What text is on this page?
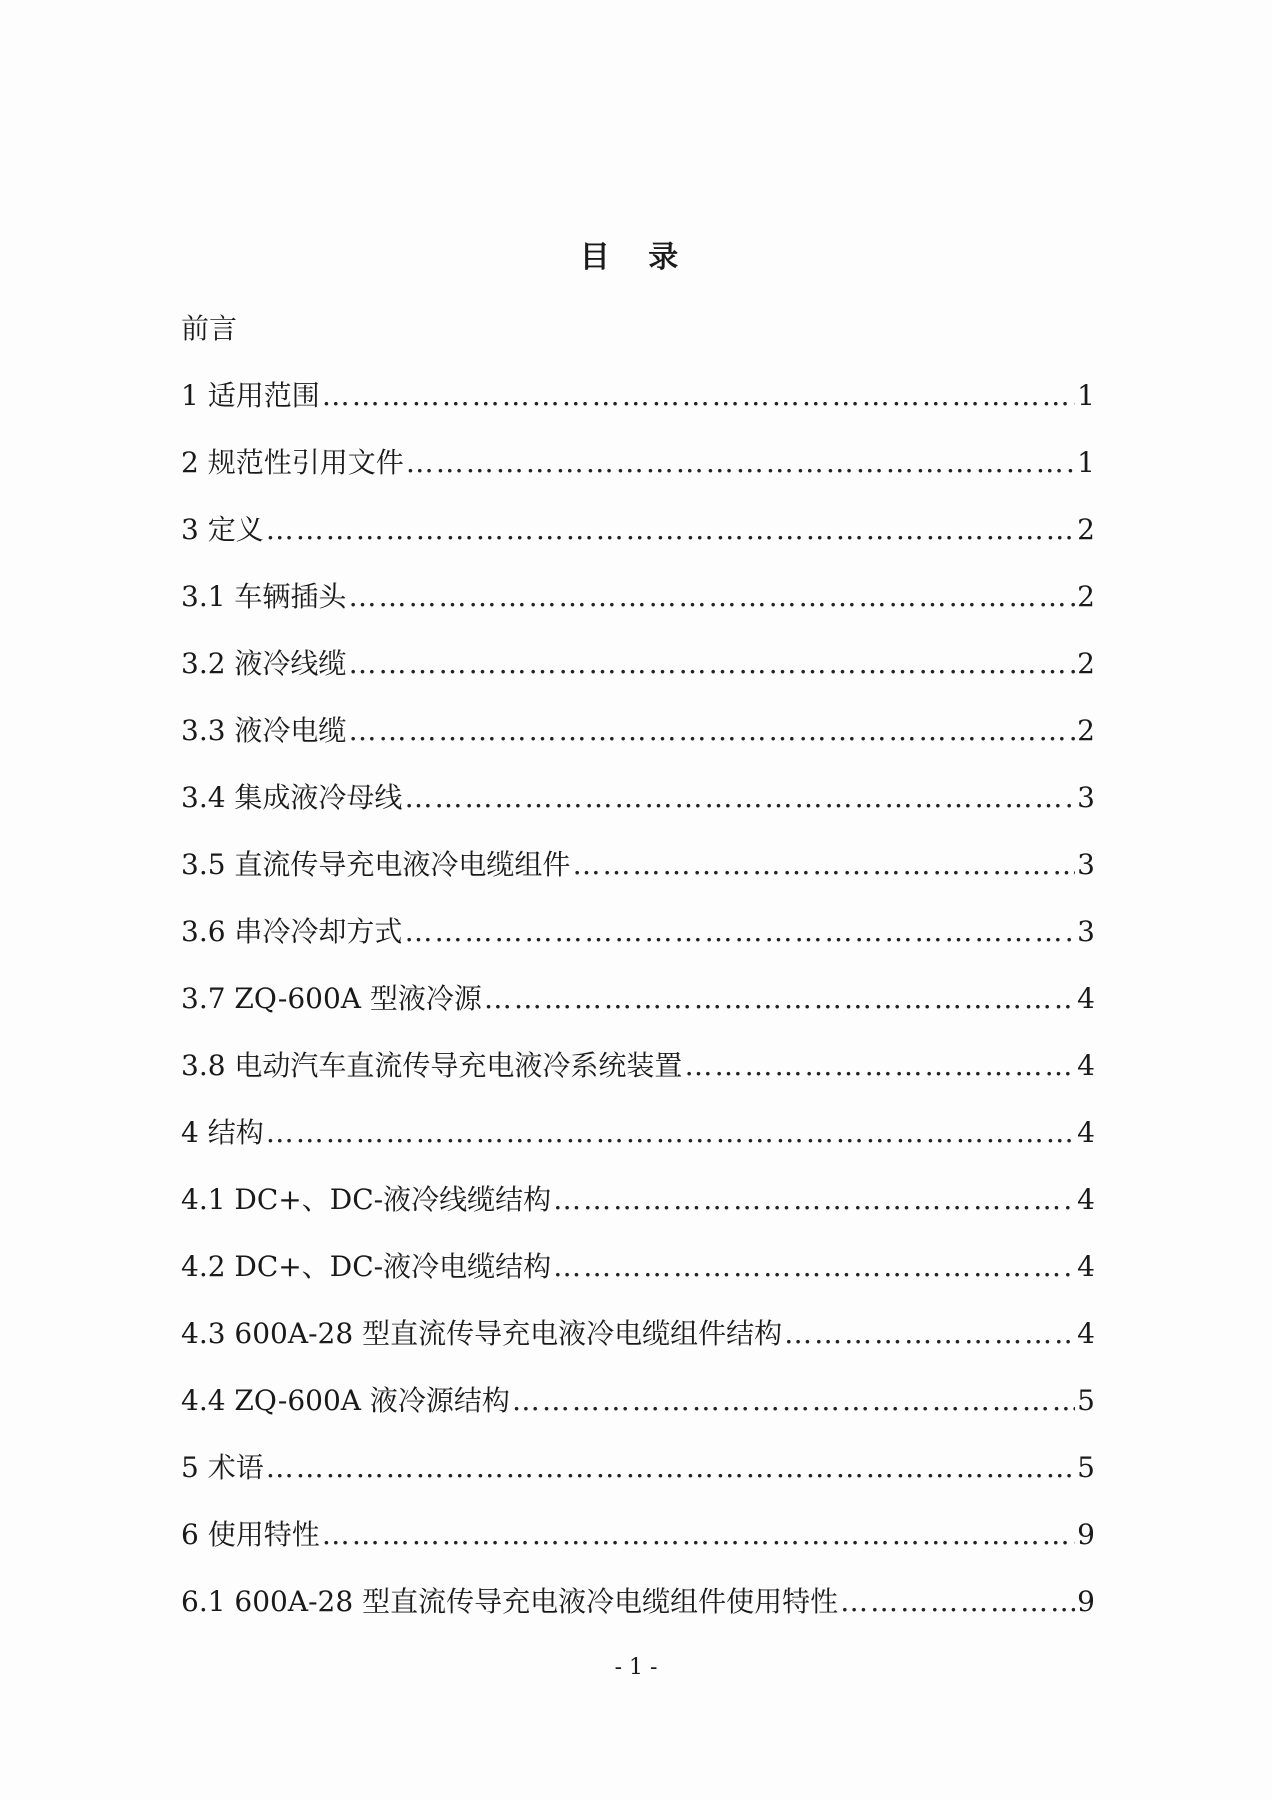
目 录
前言
1 适用范围 …………………………………………………………………………………………………………………………………………………………	1
2 规范性引用文件 …………………………………………………………………………………………………………………………………………………………	1
3 定义 …………………………………………………………………………………………………………………………………………………………	2
3.1 车辆插头 …………………………………………………………………………………………………………………………………………………………	2
3.2 液冷线缆 …………………………………………………………………………………………………………………………………………………………	2
3.3 液冷电缆 …………………………………………………………………………………………………………………………………………………………	2
3.4 集成液冷母线 …………………………………………………………………………………………………………………………………………………………	3
3.5 直流传导充电液冷电缆组件 …………………………………………………………………………………………………………………………………………………………	3
3.6 串冷冷却方式 …………………………………………………………………………………………………………………………………………………………	3
3.7 ZQ-600A 型液冷源 …………………………………………………………………………………………………………………………………………………………	4
3.8 电动汽车直流传导充电液冷系统装置 …………………………………………………………………………………………………………………………………………………………	4
4 结构 …………………………………………………………………………………………………………………………………………………………	4
4.1 DC+、DC-液冷线缆结构 …………………………………………………………………………………………………………………………………………………………	4
4.2 DC+、DC-液冷电缆结构 …………………………………………………………………………………………………………………………………………………………	4
4.3 600A-28 型直流传导充电液冷电缆组件结构 …………………………………………………………………………………………………………………………………………………………	4
4.4 ZQ-600A 液冷源结构 …………………………………………………………………………………………………………………………………………………………	5
5 术语 …………………………………………………………………………………………………………………………………………………………	5
6 使用特性 …………………………………………………………………………………………………………………………………………………………	9
6.1 600A-28 型直流传导充电液冷电缆组件使用特性 …………………………………………………………………………………………………………………………………………………………	9
- 1 -
